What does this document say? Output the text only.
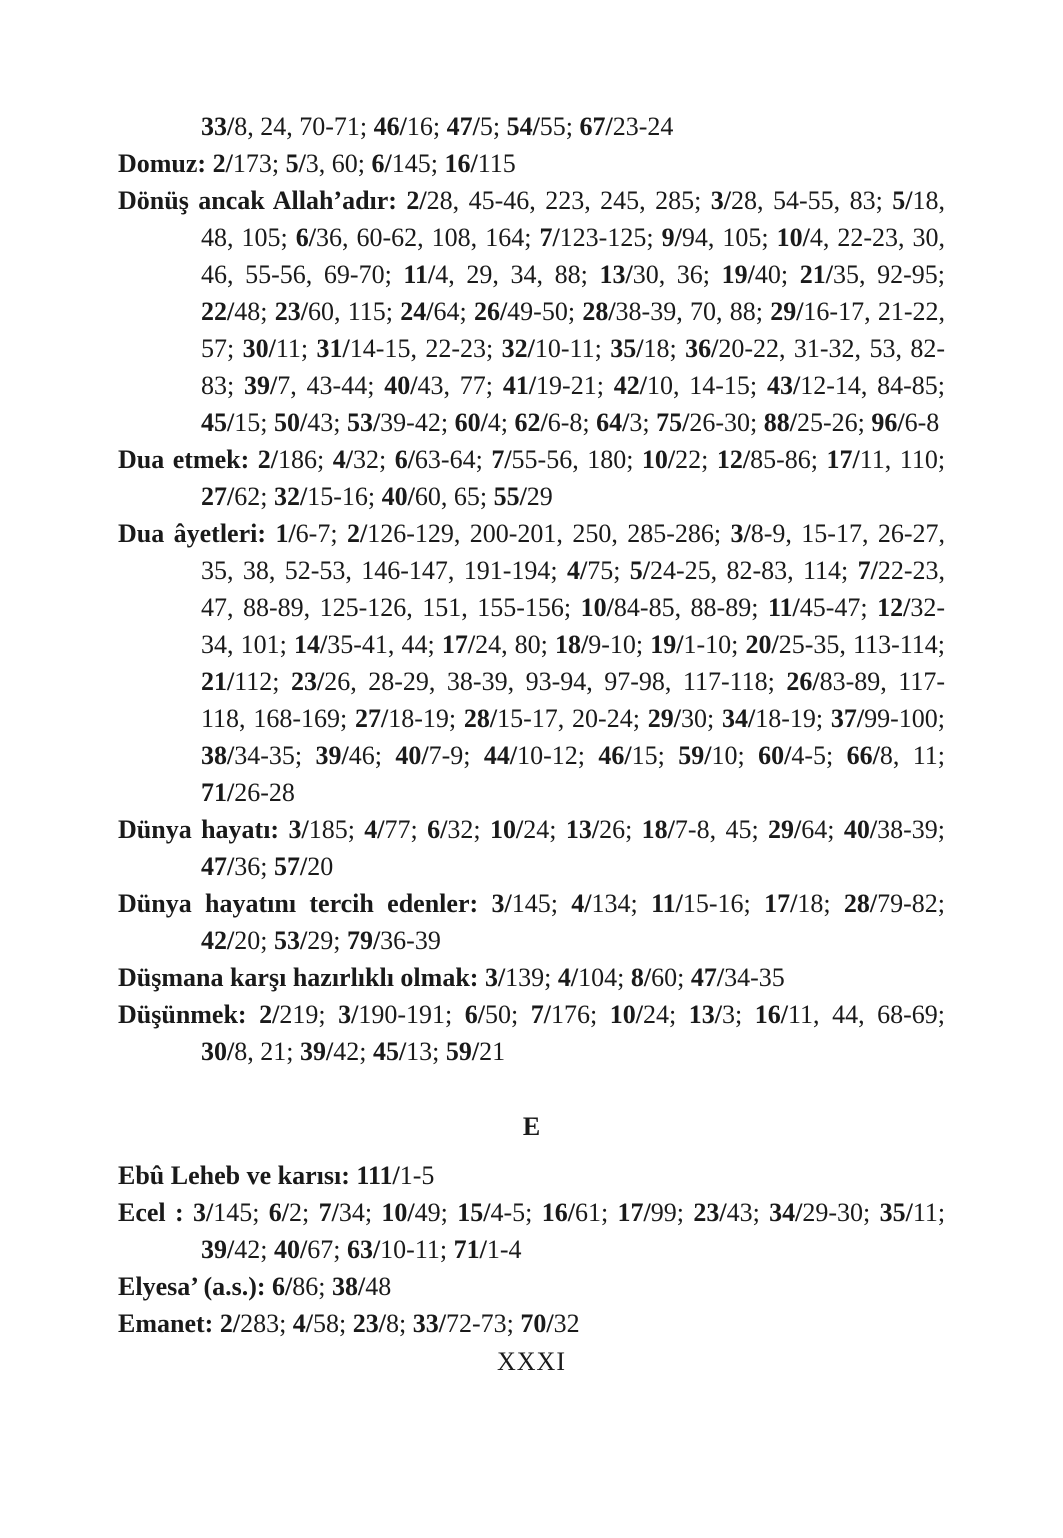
33/8, 24, 70-71; 46/16; 47/5; 54/55; 67/23-24

Domuz: 2/173; 5/3, 60; 6/145; 16/115

Dönüş ancak Allah’adır: 2/28, 45-46, 223, 245, 285; 3/28, 54-55, 83; 5/18, 48, 105; 6/36, 60-62, 108, 164; 7/123-125; 9/94, 105; 10/4, 22-23, 30, 46, 55-56, 69-70; 11/4, 29, 34, 88; 13/30, 36; 19/40; 21/35, 92-95; 22/48; 23/60, 115; 24/64; 26/49-50; 28/38-39, 70, 88; 29/16-17, 21-22, 57; 30/11; 31/14-15, 22-23; 32/10-11; 35/18; 36/20-22, 31-32, 53, 82-83; 39/7, 43-44; 40/43, 77; 41/19-21; 42/10, 14-15; 43/12-14, 84-85; 45/15; 50/43; 53/39-42; 60/4; 62/6-8; 64/3; 75/26-30; 88/25-26; 96/6-8

Dua etmek: 2/186; 4/32; 6/63-64; 7/55-56, 180; 10/22; 12/85-86; 17/11, 110; 27/62; 32/15-16; 40/60, 65; 55/29

Dua âyetleri: 1/6-7; 2/126-129, 200-201, 250, 285-286; 3/8-9, 15-17, 26-27, 35, 38, 52-53, 146-147, 191-194; 4/75; 5/24-25, 82-83, 114; 7/22-23, 47, 88-89, 125-126, 151, 155-156; 10/84-85, 88-89; 11/45-47; 12/32-34, 101; 14/35-41, 44; 17/24, 80; 18/9-10; 19/1-10; 20/25-35, 113-114; 21/112; 23/26, 28-29, 38-39, 93-94, 97-98, 117-118; 26/83-89, 117-118, 168-169; 27/18-19; 28/15-17, 20-24; 29/30; 34/18-19; 37/99-100; 38/34-35; 39/46; 40/7-9; 44/10-12; 46/15; 59/10; 60/4-5; 66/8, 11; 71/26-28

Dünya hayatı: 3/185; 4/77; 6/32; 10/24; 13/26; 18/7-8, 45; 29/64; 40/38-39; 47/36; 57/20

Dünya hayatını tercih edenler: 3/145; 4/134; 11/15-16; 17/18; 28/79-82; 42/20; 53/29; 79/36-39

Düşmana karşı hazırlıklı olmak: 3/139; 4/104; 8/60; 47/34-35

Düşünmek: 2/219; 3/190-191; 6/50; 7/176; 10/24; 13/3; 16/11, 44, 68-69; 30/8, 21; 39/42; 45/13; 59/21

E

Ebû Leheb ve karısı: 111/1-5

Ecel : 3/145; 6/2; 7/34; 10/49; 15/4-5; 16/61; 17/99; 23/43; 34/29-30; 35/11; 39/42; 40/67; 63/10-11; 71/1-4

Elyesa’ (a.s.): 6/86; 38/48

Emanet: 2/283; 4/58; 23/8; 33/72-73; 70/32

XXXI
